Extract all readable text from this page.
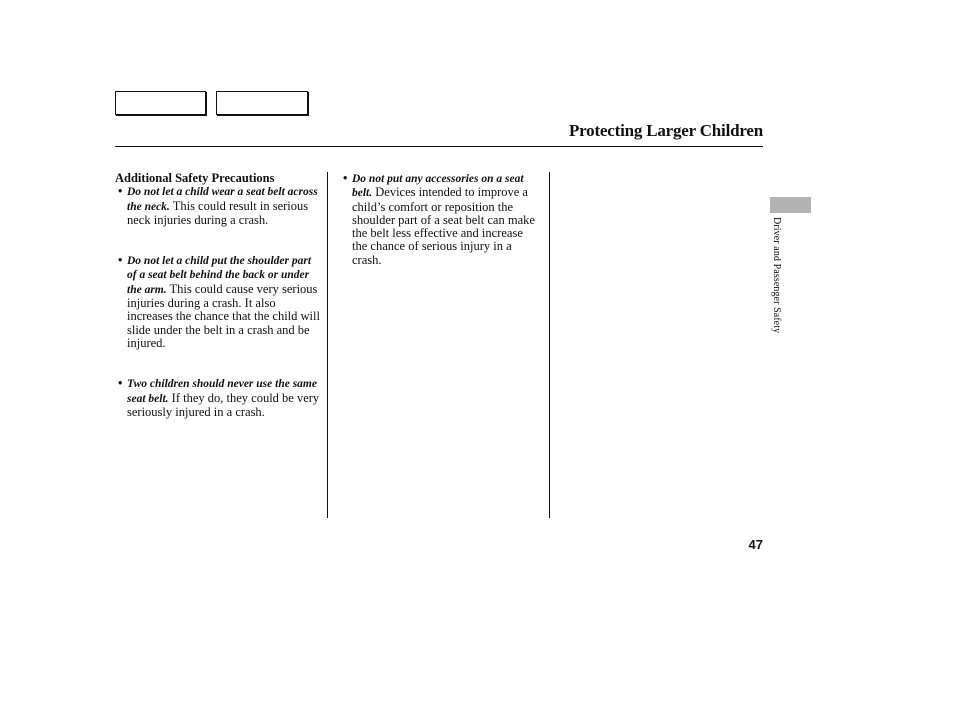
Protecting Larger Children
Additional Safety Precautions
• Do not let a child wear a seat belt across the neck. This could result in serious neck injuries during a crash.
• Do not let a child put the shoulder part of a seat belt behind the back or under the arm. This could cause very serious injuries during a crash. It also increases the chance that the child will slide under the belt in a crash and be injured.
• Two children should never use the same seat belt. If they do, they could be very seriously injured in a crash.
• Do not put any accessories on a seat belt. Devices intended to improve a child’s comfort or reposition the shoulder part of a seat belt can make the belt less effective and increase the chance of serious injury in a crash.	Driver and Passenger Safety
47
